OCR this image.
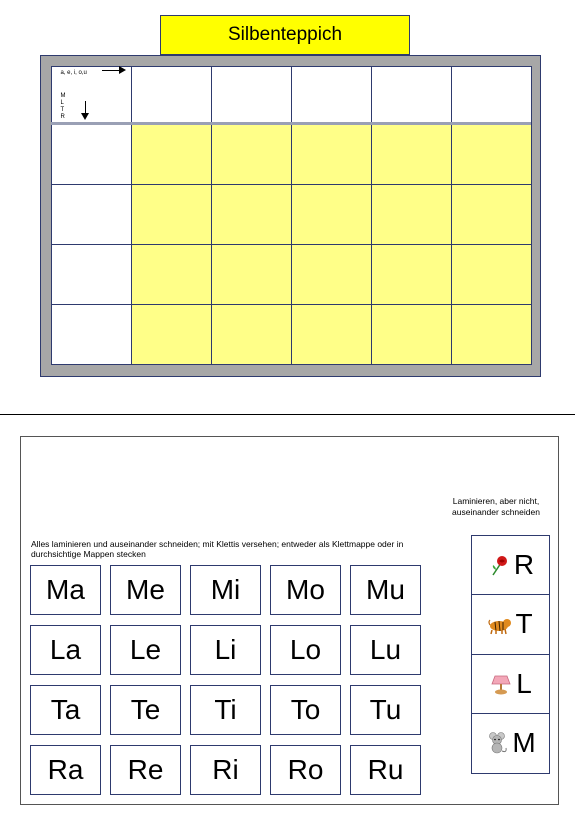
Silbenteppich
a, e, i, o,u
M
L
T
R
Laminieren, aber nicht, auseinander schneiden
Alles laminieren und auseinander schneiden; mit Klettis versehen; entweder als Klettmappe oder in durchsichtige Mappen stecken
Ma	Me	Mi	Mo	Mu
La	Le	Li	Lo	Lu
Ta	Te	Ti	To	Tu
Ra	Re	Ri	Ro	Ru
R
T
L
M
